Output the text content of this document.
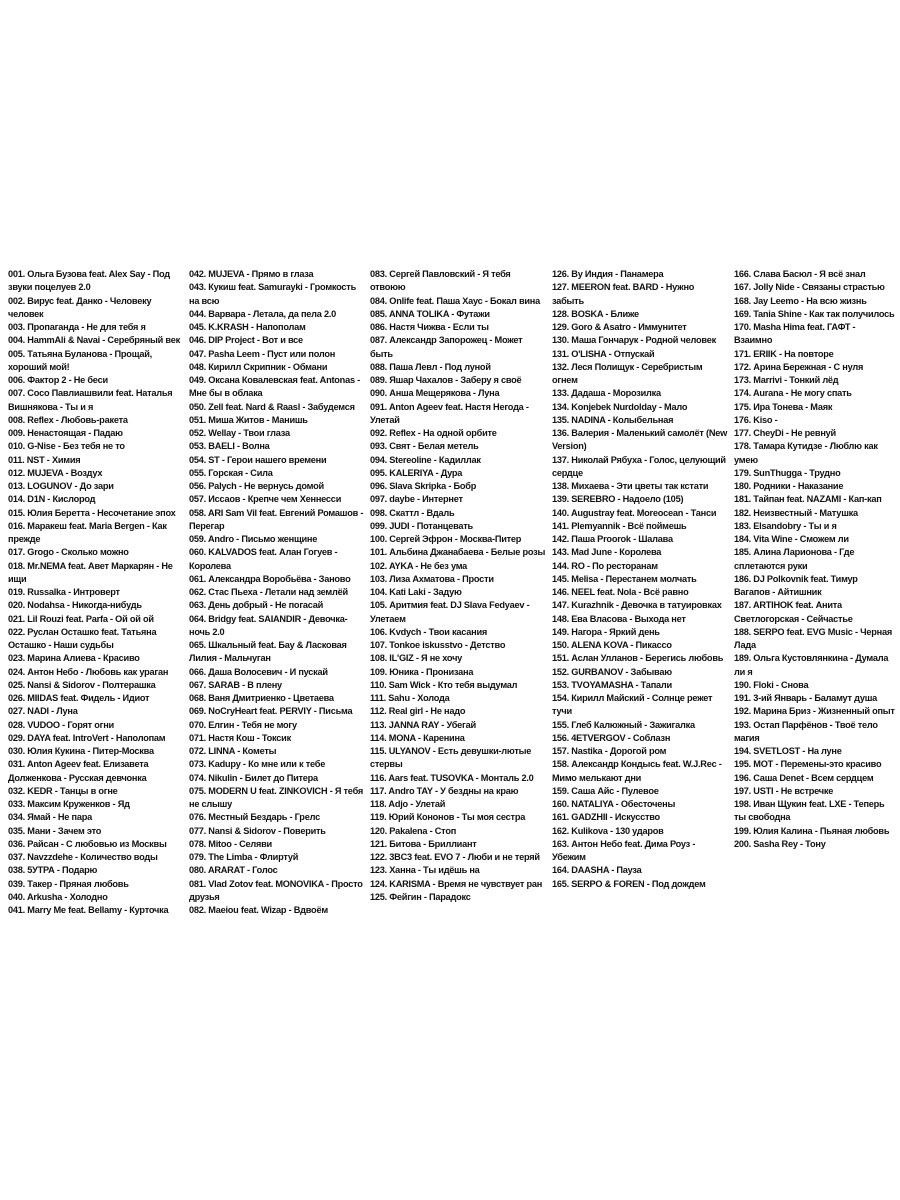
001. Ольга Бузова feat. Alex Say - Под звуки поцелуев 2.0
002. Вирус feat. Данко - Человеку человек
003. Пропаганда - Не для тебя я
004. HammAli & Navai - Серебряный век
005. Татьяна Буланова - Прощай, хороший мой!
006. Фактор 2 - Не беси
007. Coco Павлиашвили feat. Наталья Вишнякова - Ты и я
008. Reflex - Любовь-ракета
009. Ненастоящая - Падаю
010. G-Nise - Без тебя не то
011. NST - Химия
012. MUJEVA - Воздух
013. LOGUNOV - До зари
014. D1N - Кислород
015. Юлия Беретта - Несочетание эпох
016. Маракеш feat. Maria Bergen - Как прежде
017. Grogo - Сколько можно
018. Mr.NEMA feat. Авет Маркарян - Не ищи
019. Russalka - Интроверт
020. Nodahsa - Никогда-нибудь
021. Lil Rouzi feat. Parfa - Ой ой ой
022. Руслан Осташко feat. Татьяна Осташко - Наши судьбы
023. Марина Алиева - Красиво
024. Антон Небо - Любовь как ураган
025. Nansi & Sidorov - Полтерашка
026. MIIDAS feat. Фидель - Идиот
027. NADI - Луна
028. VUDOO - Горят огни
029. DAYA feat. IntroVert - Наполопам
030. Юлия Кукина - Питер-Москва
031. Anton Ageev feat. Елизавета Долженкова - Русская девчонка
032. KEDR - Танцы в огне
033. Максим Круженков - Яд
034. Ямай - Не пара
035. Мани - Зачем это
036. Райсан - С любовью из Москвы
037. Navzzdehe - Количество воды
038. 5УТРА - Подарю
039. Такер - Пряная любовь
040. Arkusha - Холодно
041. Marry Me feat. Bellamy - Курточка
042. MUJEVA - Прямо в глаза
043. Кукиш feat. Samurayki - Громкость на всю
044. Варвара - Летала, да пела 2.0
045. K.KRASH - Напополам
046. DIP Project - Вот и все
047. Pasha Leem - Пуст или полон
048. Кирилл Скрипник - Обмани
049. Оксана Ковалевская feat. Antonas - Мне бы в облака
050. Zell feat. Nard & Raasl - Забудемся
051. Миша Житов - Манишь
052. Wellay - Твои глаза
053. BAELI - Волна
054. ST - Герои нашего времени
055. Горская - Сила
056. Palych - Не вернусь домой
057. Иссаов - Крепче чем Хеннесси
058. ARI Sam Vil feat. Евгений Ромашов - Перегар
059. Andro - Письмо женщине
060. KALVADOS feat. Алан Гогуев - Королева
061. Александра Воробьёва - Заново
062. Стас Пьеха - Летали над землёй
063. День добрый - Не погасай
064. Bridgy feat. SAIANDIR - Девочка-ночь 2.0
065. Шкальный feat. Бау & Ласковая Лилия - Мальчуган
066. Даша Волосевич - И пускай
067. SARAB - В плену
068. Ваня Дмитриенко - Цветаева
069. NoCryHeart feat. PERVIY - Письма
070. Елгин - Тебя не могу
071. Настя Кош - Токсик
072. LINNA - Кометы
073. Kadupy - Ко мне или к тебе
074. Nikulin - Билет до Питера
075. MODERN U feat. ZINKOVICH - Я тебя не слышу
076. Местный Бездарь - Грелс
077. Nansi & Sidorov - Поверить
078. Mitoo - Селяви
079. The Limba - Флиртуй
080. ARARAT - Голос
081. Vlad Zotov feat. MONOVIKA - Просто друзья
082. Maeiou feat. Wizap - Вдвоём
083. Сергей Павловский - Я тебя отвоюю
084. Onlife feat. Паша Хаус - Бокал вина
085. ANNA TOLIKA - Футажи
086. Настя Чижва - Если ты
087. Александр Запорожец - Может быть
088. Паша Левл - Под луной
089. Яшар Чахалов - Заберу я своё
090. Анша Мещерякова - Луна
091. Anton Ageev feat. Настя Негода - Улетай
092. Reflex - На одной орбите
093. Свят - Белая метель
094. Stereoline - Кадиллак
095. KALERIYA - Дура
096. Slava Skripka - Бобр
097. daybe - Интернет
098. Скаттл - Вдаль
099. JUDI - Потанцевать
100. Сергей Эфрон - Москва-Питер
101. Альбина Джанабаева - Белые розы
102. AYKA - Не без ума
103. Лиза Ахматова - Прости
104. Kati Laki - Задую
105. Аритмия feat. DJ Slava Fedyaev - Улетаем
106. Kvdych - Твои касания
107. Tonkoe iskusstvo - Детство
108. IL'GIZ - Я не хочу
109. Юника - Пронизана
110. Sam Wick - Кто тебя выдумал
111. Sahu - Холода
112. Real girl - Не надо
113. JANNA RAY - Убегай
114. MONA - Каренина
115. ULYANOV - Есть девушки-лютые стервы
116. Aars feat. TUSOVKA - Монталь 2.0
117. Andro TAY - У бездны на краю
118. Adjo - Улетай
119. Юрий Кононов - Ты моя сестра
120. Pakalena - Стоп
121. Битова - Бриллиант
122. 3BC3 feat. EVO 7 - Люби и не теряй
123. Ханна - Ты идёшь на
124. KARISMA - Время не чувствует ран
125. Фейгин - Парадокс
126. Ву Индия - Панамера
127. MEERON feat. BARD - Нужно забыть
128. BOSKA - Ближе
129. Goro & Asatro - Иммунитет
130. Маша Гончарук - Родной человек
131. О'LISHA - Отпускай
132. Леся Полищук - Серебристым огнем
133. Дадаша - Морозилка
134. Konjebek Nurdolday - Мало
135. NADINA - Колыбельная
136. Валерия - Маленький самолёт (New Version)
137. Николай Рябуха - Голос, целующий сердце
138. Михаева - Эти цветы так кстати
139. SEREBRO - Надоело (105)
140. Augustray feat. Moreocean - Танси
141. Plemyannik - Всё поймешь
142. Паша Proorok - Шалава
143. Mad June - Королева
144. RO - По ресторанам
145. Melisa - Перестанем молчать
146. NEEL feat. Nola - Всё равно
147. Kurazhnik - Девочка в татуировках
148. Ева Власова - Выхода нет
149. Нагора - Яркий день
150. ALENA KOVA - Пикассо
151. Аслан Улланов - Берегись любовь
152. GURBANOV - Забываю
153. TVOYAMASHA - Тапали
154. Кирилл Майский - Солнце режет тучи
155. Глеб Калюжный - Зажигалка
156. 4ETVERGOV - Соблазн
157. Nastika - Дорогой ром
158. Александр Кондысь feat. W.J.Rec - Мимо мелькают дни
159. Саша Айс - Пулевое
160. NATALIYA - Обесточены
161. GADZHII - Искусство
162. Kulikova - 130 ударов
163. Антон Небо feat. Дима Роуз - Убежим
164. DAASHA - Пауза
165. SERPO & FOREN - Под дождем
166. Слава Басюл - Я всё знал
167. Jolly Nide - Связаны страстью
168. Jay Leemo - На всю жизнь
169. Tania Shine - Как так получилось
170. Masha Hima feat. ГАФТ - Взаимно
171. ERIIK - На повторе
172. Арина Бережная - С нуля
173. Marrivi - Тонкий лёд
174. Aurana - Не могу спать
175. Ира Тонева - Маяк
176. Kiso -
177. CheyDi - Не ревнуй
178. Тамара Кутидзе - Люблю как умею
179. SunThugga - Трудно
180. Родники - Наказание
181. Тайпан feat. NAZAMI - Кап-кап
182. Неизвестный - Матушка
183. Elsandobry - Ты и я
184. Vita Wine - Сможем ли
185. Алина Ларионова - Где сплетаются руки
186. DJ Polkovnik feat. Тимур Вагапов - Айтишник
187. ARTIHOK feat. Анита Светлогорская - Сейчастье
188. SERPO feat. EVG Music - Черная Лада
189. Ольга Кустовлянкина - Думала ли я
190. Floki - Снова
191. 3-ий Январь - Баламут душа
192. Марина Бриз - Жизненный опыт
193. Остап Парфёнов - Твоё тело магия
194. SVETLOST - На луне
195. MOT - Перемены-это красиво
196. Саша Denet - Всем сердцем
197. USTI - Не встречке
198. Иван Щукин feat. LXE - Теперь ты свободна
199. Юлия Калина - Пьяная любовь
200. Sasha Rey - Тону
